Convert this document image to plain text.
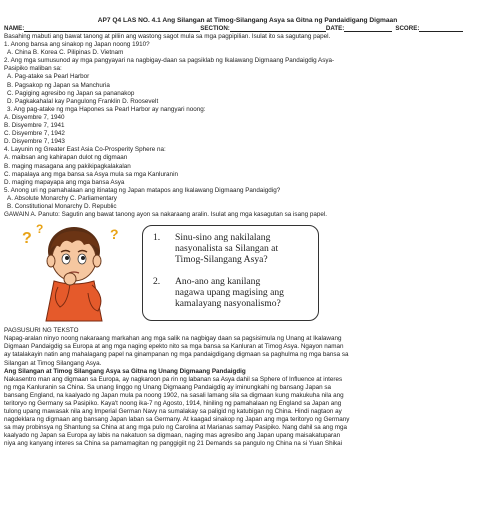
AP7 Q4 LAS NO. 4.1 Ang Silangan at Timog-Silangang Asya sa Gitna ng Pandaidigang Digmaan
NAME:	SECTION:	DATE:	SCORE:

Basahing mabuti ang bawat tanong at piliin ang wastong sagot mula sa mga pagpipilian. Isulat ito sa sagutang papel.

1. Anong bansa ang sinakop ng Japan noong 1910?

A. China B. Korea C. Pilipinas D. Vietnam

2. Ang mga sumusunod ay mga pangyayari na nagbigay-daan sa pagsiklab ng Ikalawang Digmaang Pandaigdig Asya-

Pasipiko maliban sa:

A. Pag-atake sa Pearl Harbor

B. Pagsakop ng Japan sa Manchuria

C. Pagiging agresibo ng Japan sa pananakop

D. Pagkakahalal kay Pangulong Franklin D. Roosevelt

3. Ang pag-atake ng mga Hapones sa Pearl Harbor ay nangyari noong:

A. Disyembre 7, 1940

B. Disyembre 7, 1941

C. Disyembre 7, 1942

D. Disyembre 7, 1943

4. Layunin ng Greater East Asia Co-Prosperity Sphere na:

A. maibsan ang kahirapan dulot ng digmaan

B. maging masagana ang pakikipagkalakalan

C. mapalaya ang mga bansa sa Asya mula sa mga Kanluranin

D. maging mapayapa ang mga bansa Asya

5. Anong uri ng pamahalaan ang itinatag ng Japan matapos ang Ikalawang Digmaang Pandaigdig?

A. Absolute Monarchy C. Parliamentary

B. Constitutional Monarchy D. Republic

GAWAIN A. Panuto: Sagutin ang bawat tanong ayon sa nakaraang aralin. Isulat ang mga kasagutan sa isang papel.

?
?	?	1.	Sinu-sino ang nakilalang
nasyonalista sa Silangan at
Timog-Silangang Asya?
2.	Ano-ano ang kanilang
nagawa upang magising ang
kamalayang nasyonalismo?

PAGSUSURI NG TEKSTO

Napag-aralan ninyo noong nakaraang markahan ang mga salik na nagbigay daan sa pagsisimula ng Unang at Ikalawang

Digmaan Pandaigdig sa Europa at ang mga naging epekto nito sa mga bansa sa Kanluran at Timog Asya. Ngayon naman

ay tatalakayin natin ang mahalagang papel na ginampanan ng mga pandaigdigang digmaan sa paghulma ng mga bansa sa

Silangan at Timog Silangang Asya.

Ang Silangan at Timog Silangang Asya sa Gitna ng Unang Digmaang Pandaigdig

Nakasentro man ang digmaan sa Europa, ay nagkaroon pa rin ng labanan sa Asya dahil sa Sphere of Influence at interes

ng mga Kanluranin sa China. Sa unang linggo ng Unang Digmaang Pandaigdig ay iminungkahi ng bansang Japan sa

bansang England, na kaalyado ng Japan mula pa noong 1902, na sasali lamang sila sa digmaan kung makukuha nila ang

teritoryo ng Germany sa Pasipiko. Kaya't noong ika-7 ng Agosto, 1914, hiniling ng pamahalaan ng England sa Japan ang

tulong upang mawasak nila ang Imperial German Navy na sumalakay sa paligid ng katubigan ng China. Hindi nagtaon ay

nagdeklara ng digmaan ang bansang Japan laban sa Germany. At kaagad sinakop ng Japan ang mga teritoryo ng Germany

sa may probinsya ng Shantung sa China at ang mga pulo ng Carolina at Marianas samay Pasipiko. Nang dahil sa ang mga

kaalyado ng Japan sa Europa ay labis na nakatuon sa digmaan, naging mas agresibo ang Japan upang maisakatuparan

niya ang kanyang interes sa China sa pamamagitan ng panggigiit ng 21 Demands sa pangulo ng China na si Yuan Shikai
